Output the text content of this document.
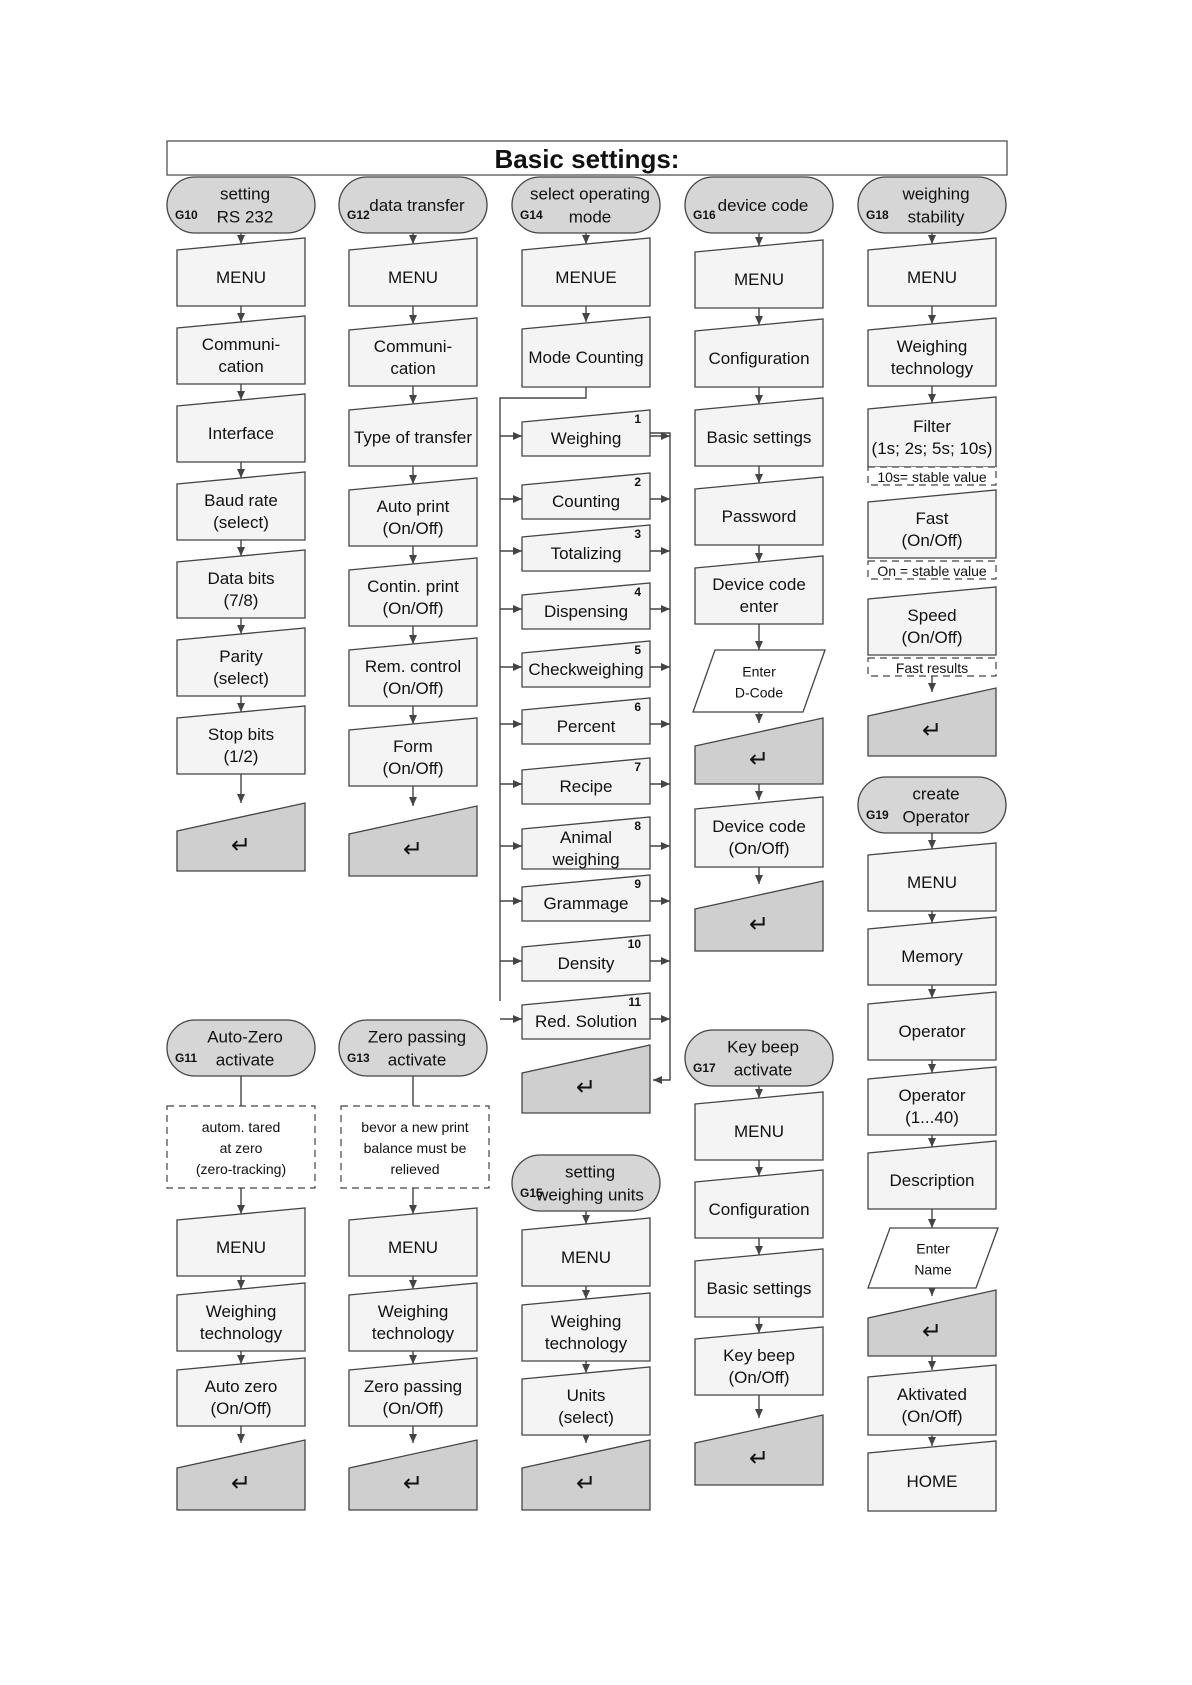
Basic settings:
G10
setting
RS 232
MENU
Communi-
cation
Interface
Baud rate
(select)
Data bits
(7/8)
Parity
(select)
Stop bits
(1/2)
↵
G12 data transfer
MENU
Communi-
cation
Type of transfer
Auto print
(On/Off)
Contin. print
(On/Off)
Rem. control
(On/Off)
Form
(On/Off)
↵
G14
select operating
mode
MENUE
Mode Counting
Weighing
1
Counting
2
Totalizing
3
Dispensing
4
Checkweighing
5
Percent
6
Recipe
7
Animal
weighing
8
Grammage
9
Density
10
Red. Solution
11
↵
G16 device code
MENU
Configuration
Basic settings
Password
Device code
enter
Enter
D-Code
↵
Device code
(On/Off)
↵
G18
weighing
stability
MENU
Weighing
technology
Filter
(1s; 2s; 5s; 10s)
Fast
(On/Off)
Speed
(On/Off)
10s= stable value
On = stable value
Fast results
↵
G19
create
Operator
MENU
Memory
Operator
Operator
(1...40)
Description
Enter
Name
↵
Aktivated
(On/Off)
HOME
G11
Auto-Zero
activate
autom. tared
at zero
(zero-tracking)
MENU
Weighing
technology
Auto zero
(On/Off)
↵
G13
Zero passing
activate
bevor a new print
balance must be
relieved
MENU
Weighing
technology
Zero passing
(On/Off)
↵
G15
setting
weighing units
MENU
Weighing
technology
Units
(select)
↵
G17
Key beep
activate
MENU
Configuration
Basic settings
Key beep
(On/Off)
↵
